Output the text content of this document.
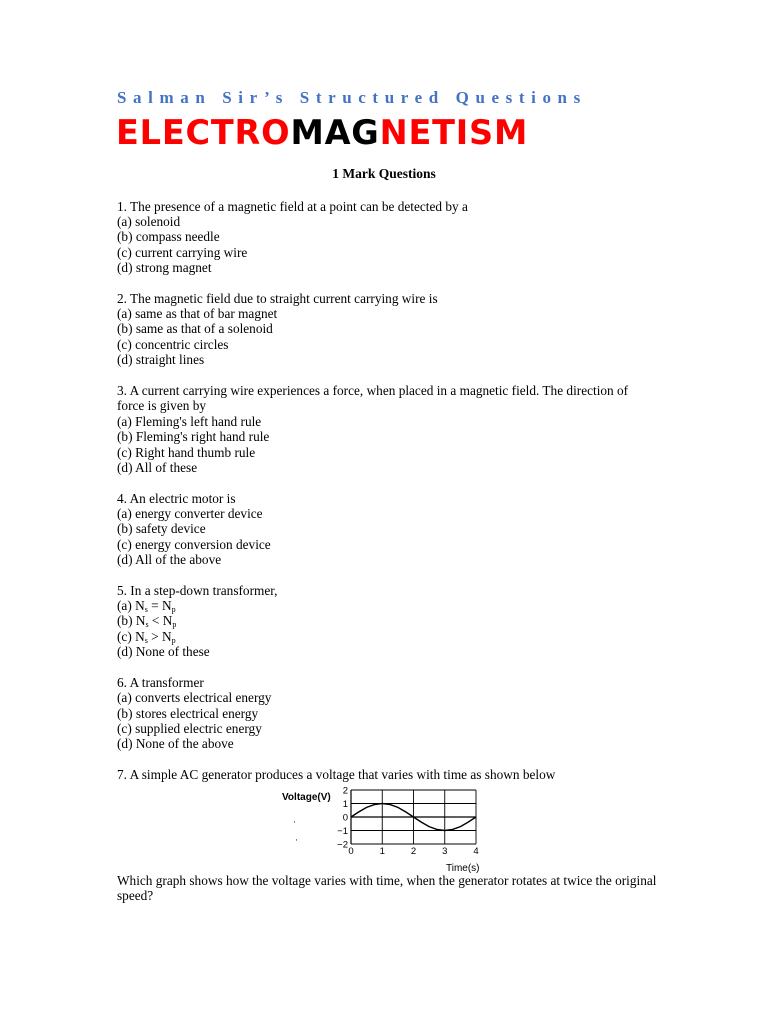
Salman Sir’s Structured Questions
ELECTROMAGNETISM
1 Mark Questions
1. The presence of a magnetic field at a point can be detected by a
(a) solenoid
(b) compass needle
(c) current carrying wire
(d) strong magnet
2. The magnetic field due to straight current carrying wire is
(a) same as that of bar magnet
(b) same as that of a solenoid
(c) concentric circles
(d) straight lines
3. A current carrying wire experiences a force, when placed in a magnetic field. The direction of force is given by
(a) Fleming's left hand rule
(b) Fleming's right hand rule
(c) Right hand thumb rule
(d) All of these
4. An electric motor is
(a) energy converter device
(b) safety device
(c) energy conversion device
(d) All of the above
5. In a step-down transformer,
(a) $N_s = N_p$
(b) $N_s < N_p$
(c) $N_s > N_p$
(d) None of these
6. A transformer
(a) converts electrical energy
(b) stores electrical energy
(c) supplied electric energy
(d) None of the above
7. A simple AC generator produces a voltage that varies with time as shown below
Voltage(V)
2
1
0
−1
−2
0	1	2	3	4
Time(s)
·
·
Which graph shows how the voltage varies with time, when the generator rotates at twice the original speed?
